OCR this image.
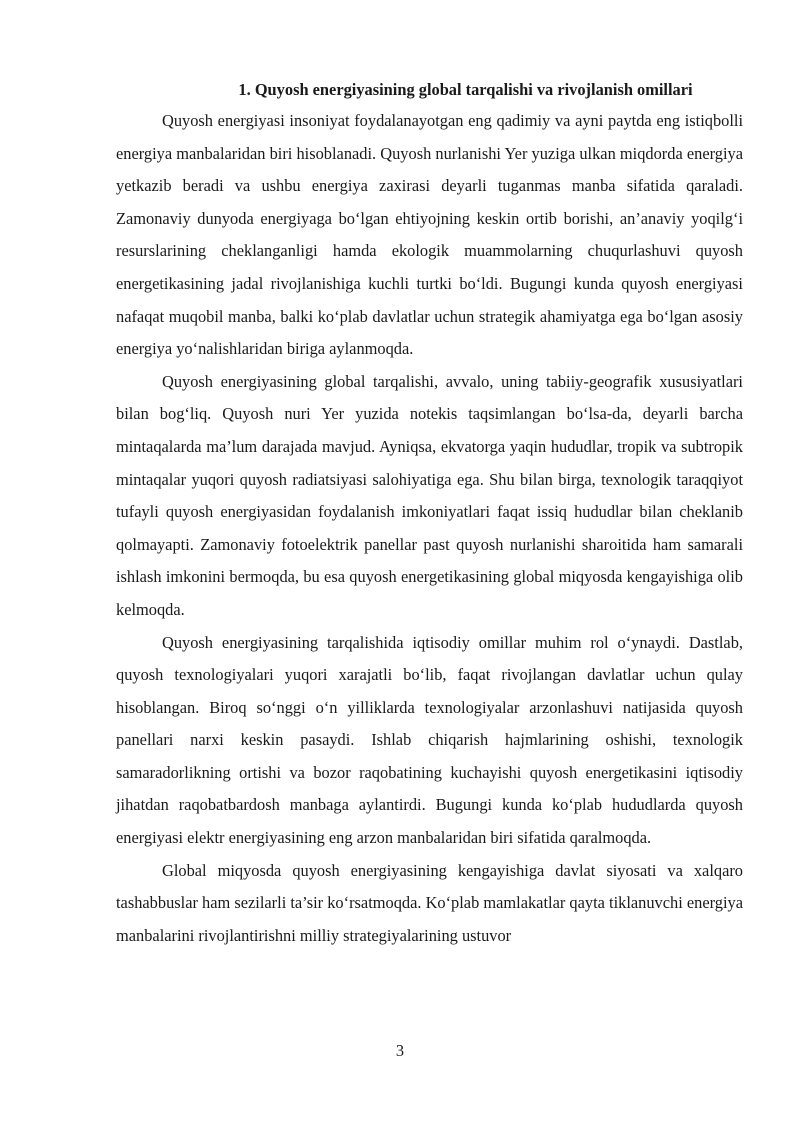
1. Quyosh energiyasining global tarqalishi va rivojlanish omillari

Quyosh energiyasi insoniyat foydalanayotgan eng qadimiy va ayni paytda eng istiqbolli energiya manbalaridan biri hisoblanadi. Quyosh nurlanishi Yer yuziga ulkan miqdorda energiya yetkazib beradi va ushbu energiya zaxirasi deyarli tuganmas manba sifatida qaraladi. Zamonaviy dunyoda energiyaga bo‘lgan ehtiyojning keskin ortib borishi, an’anaviy yoqilg‘i resurslarining cheklanganligi hamda ekologik muammolarning chuqurlashuvi quyosh energetikasining jadal rivojlanishiga kuchli turtki bo‘ldi. Bugungi kunda quyosh energiyasi nafaqat muqobil manba, balki ko‘plab davlatlar uchun strategik ahamiyatga ega bo‘lgan asosiy energiya yo‘nalishlaridan biriga aylanmoqda.

Quyosh energiyasining global tarqalishi, avvalo, uning tabiiy-geografik xususiyatlari bilan bog‘liq. Quyosh nuri Yer yuzida notekis taqsimlangan bo‘lsa-da, deyarli barcha mintaqalarda ma’lum darajada mavjud. Ayniqsa, ekvatorga yaqin hududlar, tropik va subtropik mintaqalar yuqori quyosh radiatsiyasi salohiyatiga ega. Shu bilan birga, texnologik taraqqiyot tufayli quyosh energiyasidan foydalanish imkoniyatlari faqat issiq hududlar bilan cheklanib qolmayapti. Zamonaviy fotoelektrik panellar past quyosh nurlanishi sharoitida ham samarali ishlash imkonini bermoqda, bu esa quyosh energetikasining global miqyosda kengayishiga olib kelmoqda.

Quyosh energiyasining tarqalishida iqtisodiy omillar muhim rol o‘ynaydi. Dastlab, quyosh texnologiyalari yuqori xarajatli bo‘lib, faqat rivojlangan davlatlar uchun qulay hisoblangan. Biroq so‘nggi o‘n yilliklarda texnologiyalar arzonlashuvi natijasida quyosh panellari narxi keskin pasaydi. Ishlab chiqarish hajmlarining oshishi, texnologik samaradorlikning ortishi va bozor raqobatining kuchayishi quyosh energetikasini iqtisodiy jihatdan raqobatbardosh manbaga aylantirdi. Bugungi kunda ko‘plab hududlarda quyosh energiyasi elektr energiyasining eng arzon manbalaridan biri sifatida qaralmoqda.

Global miqyosda quyosh energiyasining kengayishiga davlat siyosati va xalqaro tashabbuslar ham sezilarli ta’sir ko‘rsatmoqda. Ko‘plab mamlakatlar qayta tiklanuvchi energiya manbalarini rivojlantirishni milliy strategiyalarining ustuvor

3
